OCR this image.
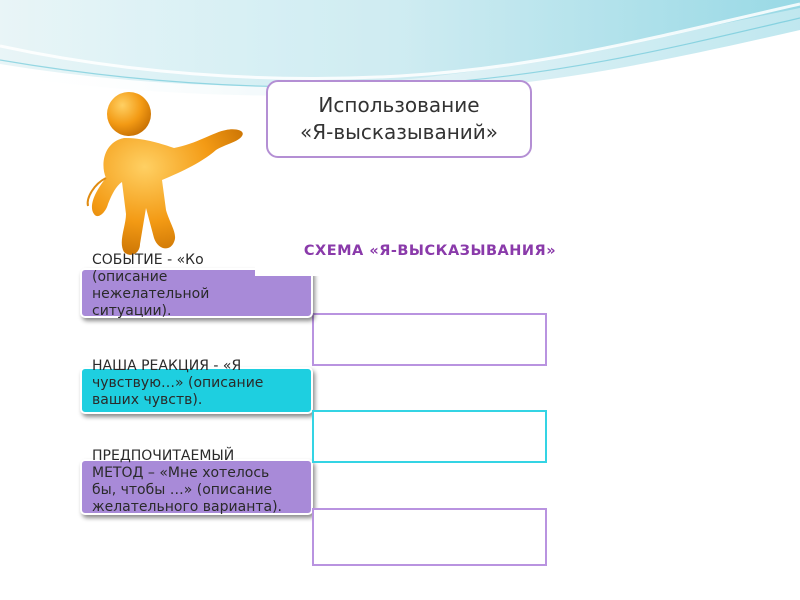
Использование
«Я-высказываний»
СХЕМА «Я-ВЫСКАЗЫВАНИЯ»
СОБЫТИЕ - «Ко
(описание
нежелательной
ситуации).
НАША РЕАКЦИЯ - «Я
чувствую…» (описание
ваших чувств).
ПРЕДПОЧИТАЕМЫЙ
МЕТОД – «Мне хотелось
бы, чтобы …» (описание
желательного варианта).
